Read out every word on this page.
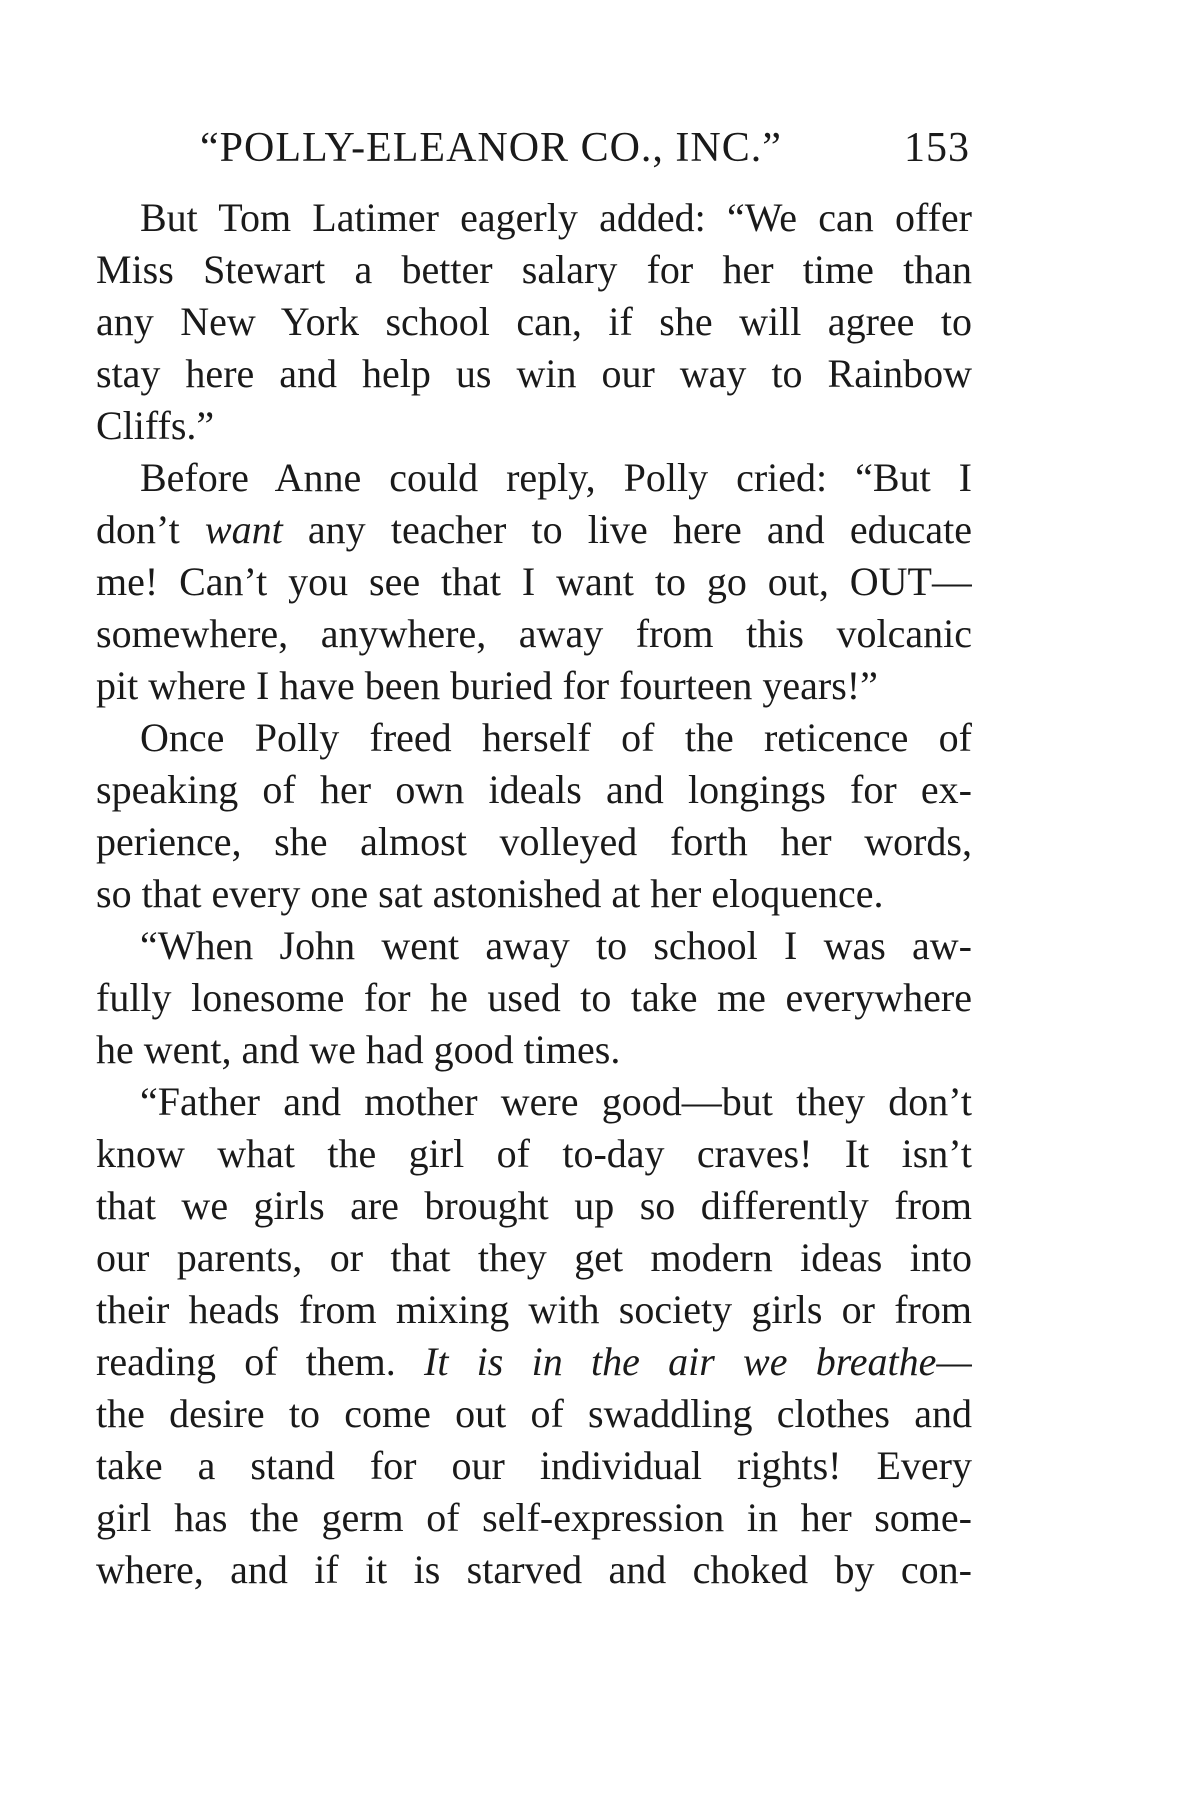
“POLLY-ELEANOR CO., INC.”	153
But Tom Latimer eagerly added: “We can offer
Miss Stewart a better salary for her time than
any New York school can, if she will agree to
stay here and help us win our way to Rainbow
Cliffs.”
Before Anne could reply, Polly cried: “But I
don’t want any teacher to live here and educate
me! Can’t you see that I want to go out, OUT—
somewhere, anywhere, away from this volcanic
pit where I have been buried for fourteen years!”
Once Polly freed herself of the reticence of
speaking of her own ideals and longings for ex-
perience, she almost volleyed forth her words,
so that every one sat astonished at her eloquence.
“When John went away to school I was aw-
fully lonesome for he used to take me everywhere
he went, and we had good times.
“Father and mother were good—but they don’t
know what the girl of to-day craves! It isn’t
that we girls are brought up so differently from
our parents, or that they get modern ideas into
their heads from mixing with society girls or from
reading of them. It is in the air we breathe—
the desire to come out of swaddling clothes and
take a stand for our individual rights! Every
girl has the germ of self-expression in her some-
where, and if it is starved and choked by con-
